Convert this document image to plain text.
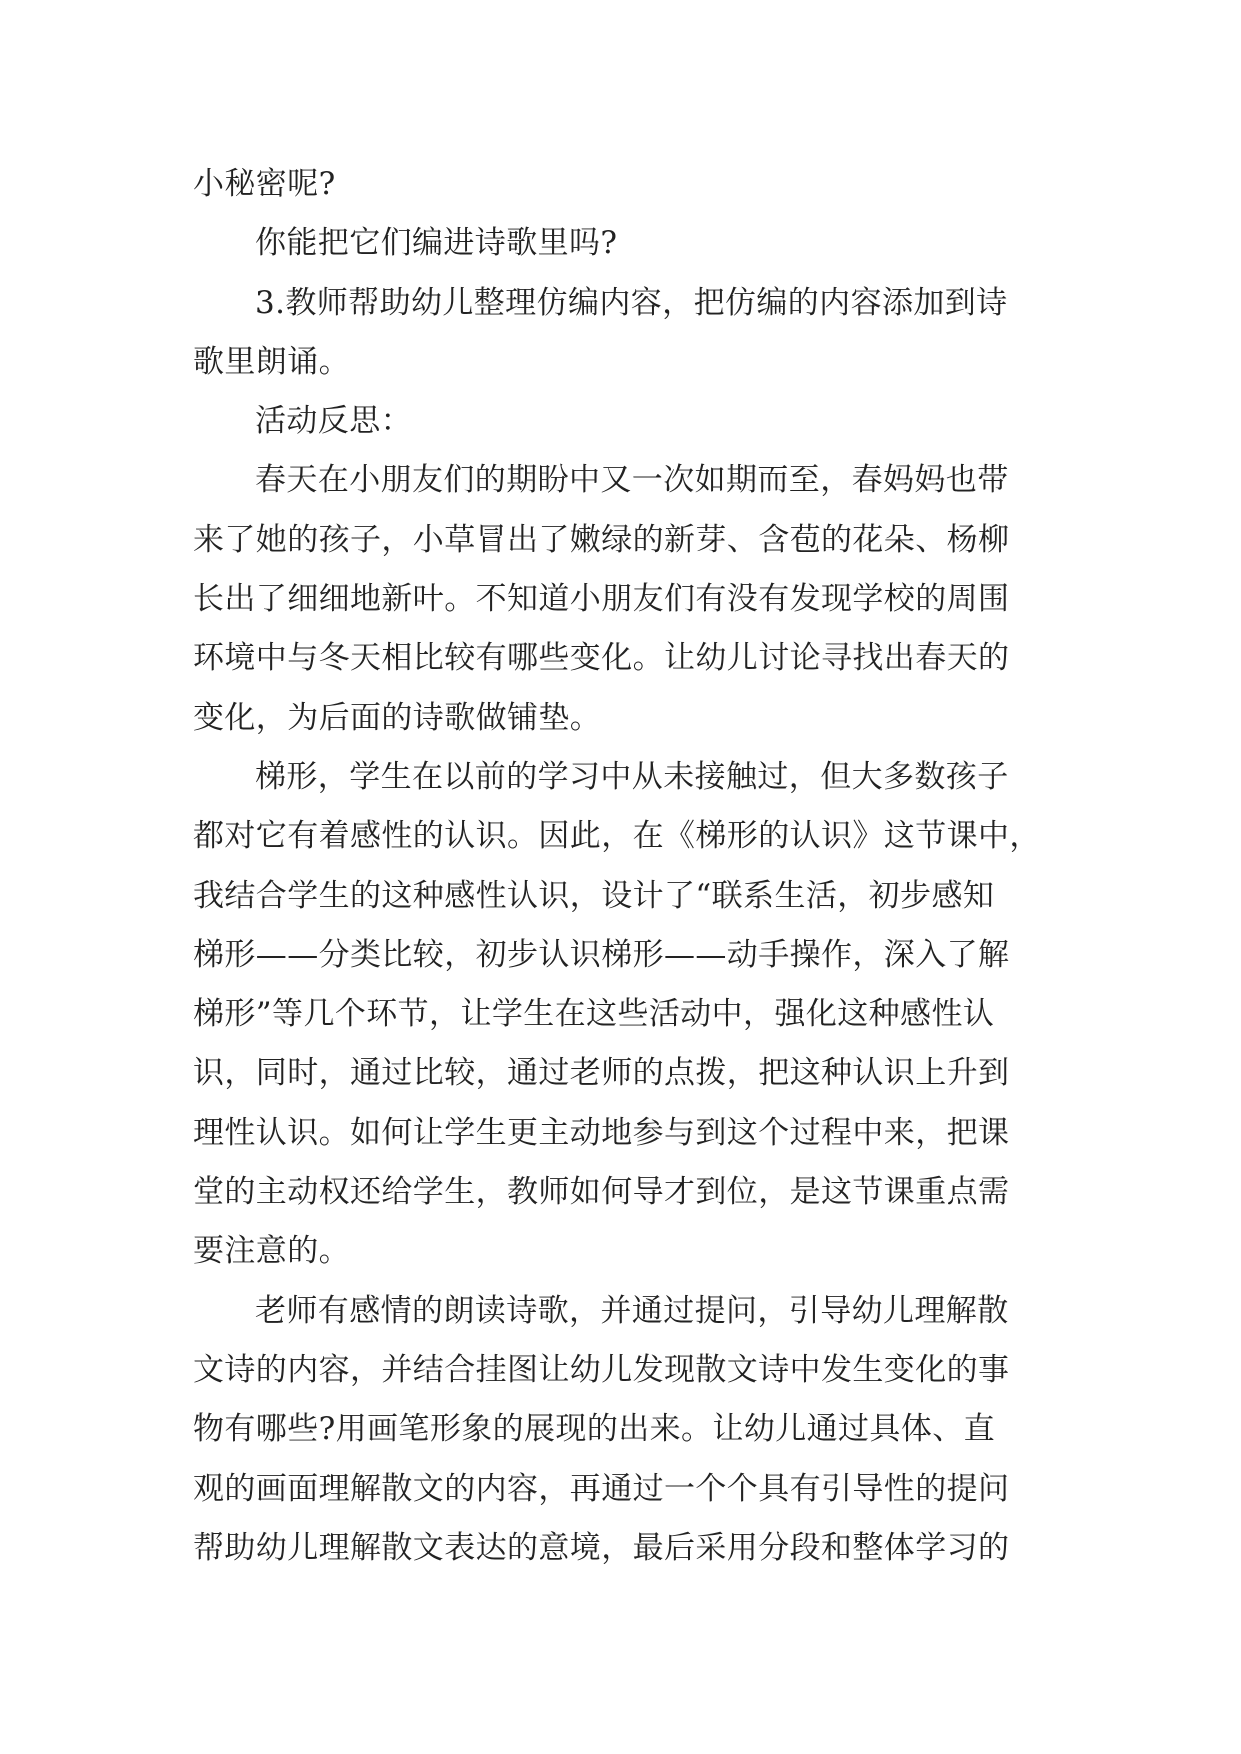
小秘密呢?
你能把它们编进诗歌里吗?
3.教师帮助幼儿整理仿编内容，把仿编的内容添加到诗
歌里朗诵。
活动反思：
春天在小朋友们的期盼中又一次如期而至，春妈妈也带
来了她的孩子，小草冒出了嫩绿的新芽、含苞的花朵、杨柳
长出了细细地新叶。不知道小朋友们有没有发现学校的周围
环境中与冬天相比较有哪些变化。让幼儿讨论寻找出春天的
变化，为后面的诗歌做铺垫。
梯形，学生在以前的学习中从未接触过，但大多数孩子
都对它有着感性的认识。因此，在《梯形的认识》这节课中，
我结合学生的这种感性认识，设计了“联系生活，初步感知
梯形——分类比较，初步认识梯形——动手操作，深入了解
梯形”等几个环节，让学生在这些活动中，强化这种感性认
识，同时，通过比较，通过老师的点拨，把这种认识上升到
理性认识。如何让学生更主动地参与到这个过程中来，把课
堂的主动权还给学生，教师如何导才到位，是这节课重点需
要注意的。
老师有感情的朗读诗歌，并通过提问，引导幼儿理解散
文诗的内容，并结合挂图让幼儿发现散文诗中发生变化的事
物有哪些?用画笔形象的展现的出来。让幼儿通过具体、直
观的画面理解散文的内容，再通过一个个具有引导性的提问
帮助幼儿理解散文表达的意境，最后采用分段和整体学习的
